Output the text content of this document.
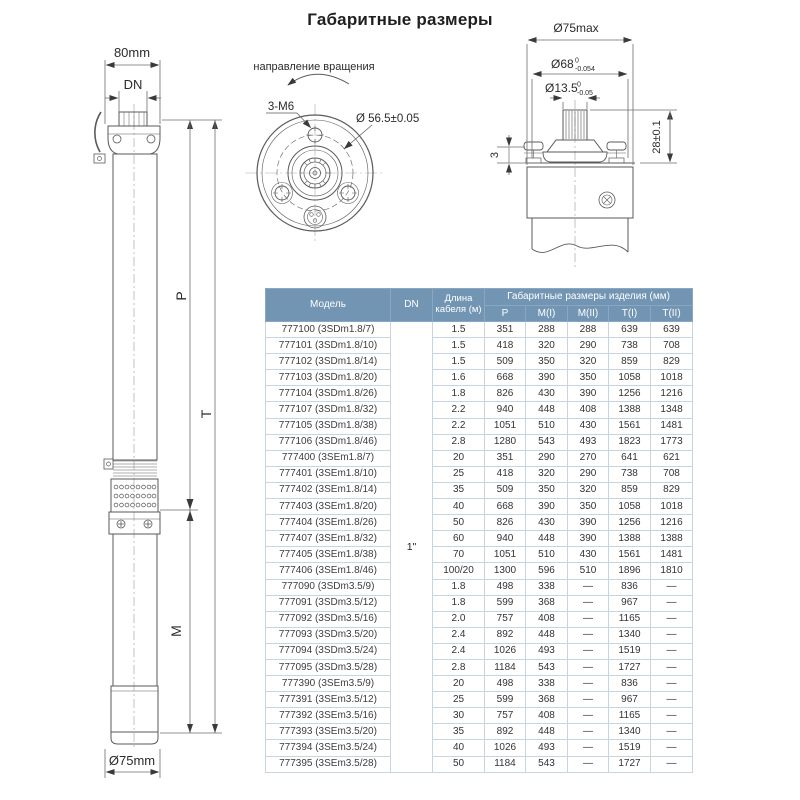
Габаритные размеры
80mm
DN
P
T
M
Ø75mm
направление вращения
3-M6
Ø 56.5±0.05
Ø75max
Ø68 0
-0.054
Ø13.5 0
-0.05
28±0.1
3
Модель	DN	Длина кабеля (м)	Габаритные размеры изделия (мм)				
			P	M(I)	M(II)	T(I)	T(II)
777100 (3SDm1.8/7)	1"	1.5	351	288	288	639	639
777101 (3SDm1.8/10)		1.5	418	320	290	738	708
777102 (3SDm1.8/14)		1.5	509	350	320	859	829
777103 (3SDm1.8/20)		1.6	668	390	350	1058	1018
777104 (3SDm1.8/26)		1.8	826	430	390	1256	1216
777107 (3SDm1.8/32)		2.2	940	448	408	1388	1348
777105 (3SDm1.8/38)		2.2	1051	510	430	1561	1481
777106 (3SDm1.8/46)		2.8	1280	543	493	1823	1773
777400 (3SEm1.8/7)		20	351	290	270	641	621
777401 (3SEm1.8/10)		25	418	320	290	738	708
777402 (3SEm1.8/14)		35	509	350	320	859	829
777403 (3SEm1.8/20)		40	668	390	350	1058	1018
777404 (3SEm1.8/26)		50	826	430	390	1256	1216
777407 (3SEm1.8/32)		60	940	448	390	1388	1388
777405 (3SEm1.8/38)		70	1051	510	430	1561	1481
777406 (3SEm1.8/46)		100/20	1300	596	510	1896	1810
777090 (3SDm3.5/9)		1.8	498	338	—	836	—
777091 (3SDm3.5/12)		1.8	599	368	—	967	—
777092 (3SDm3.5/16)		2.0	757	408	—	1165	—
777093 (3SDm3.5/20)		2.4	892	448	—	1340	—
777094 (3SDm3.5/24)		2.4	1026	493	—	1519	—
777095 (3SDm3.5/28)		2.8	1184	543	—	1727	—
777390 (3SEm3.5/9)		20	498	338	—	836	—
777391 (3SEm3.5/12)		25	599	368	—	967	—
777392 (3SEm3.5/16)		30	757	408	—	1165	—
777393 (3SEm3.5/20)		35	892	448	—	1340	—
777394 (3SEm3.5/24)		40	1026	493	—	1519	—
777395 (3SEm3.5/28)		50	1184	543	—	1727	—
